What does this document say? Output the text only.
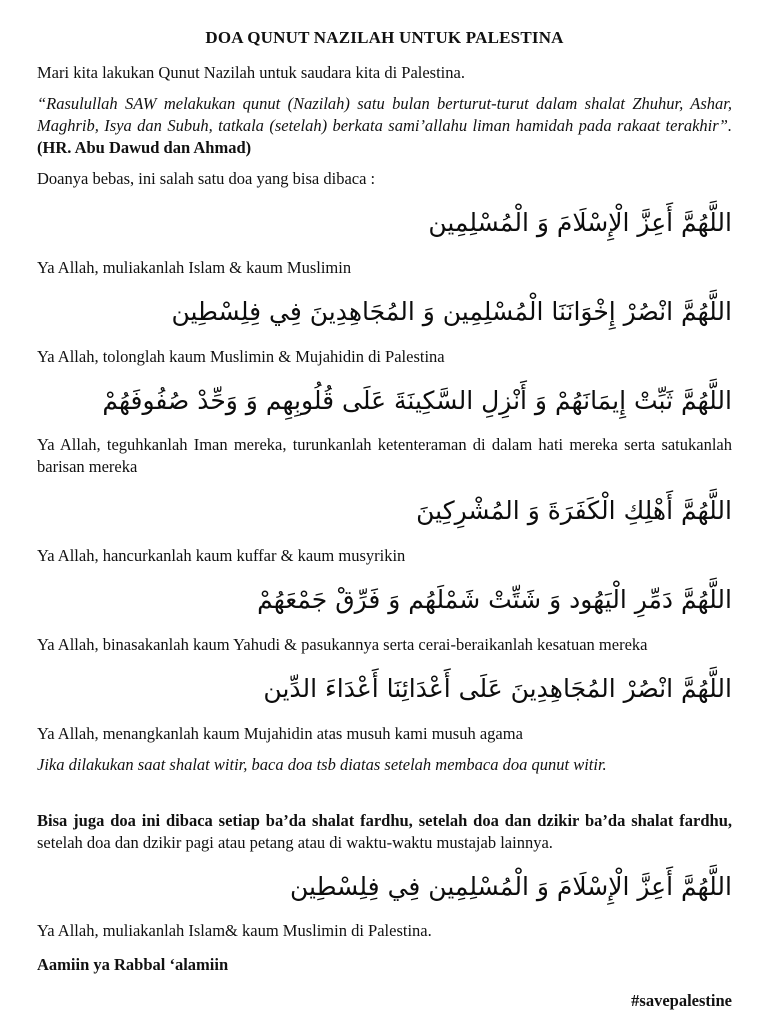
DOA QUNUT NAZILAH UNTUK PALESTINA

Mari kita lakukan Qunut Nazilah untuk saudara kita di Palestina.

“Rasulullah SAW melakukan qunut (Nazilah) satu bulan berturut-turut dalam shalat Zhuhur, Ashar, Maghrib, Isya dan Subuh, tatkala (setelah) berkata sami’allahu liman hamidah pada rakaat terakhir”. (HR. Abu Dawud dan Ahmad)

Doanya bebas, ini salah satu doa yang bisa dibaca :

اللَّهُمَّ أَعِزَّ الْإِسْلَامَ وَ الْمُسْلِمِين

Ya Allah, muliakanlah Islam & kaum Muslimin

اللَّهُمَّ انْصُرْ إِخْوَانَنَا الْمُسْلِمِين وَ المُجَاهِدِينَ فِي فِلِسْطِين

Ya Allah, tolonglah kaum Muslimin & Mujahidin di Palestina

اللَّهُمَّ ثَبِّتْ إِيمَانَهُمْ وَ أَنْزِلِ السَّكِينَةَ عَلَى قُلُوبِهِم وَ وَحِّدْ صُفُوفَهُمْ

Ya Allah, teguhkanlah Iman mereka, turunkanlah ketenteraman di dalam hati mereka serta satukanlah barisan mereka

اللَّهُمَّ أَهْلِكِ الْكَفَرَةَ وَ المُشْرِكِينَ

Ya Allah, hancurkanlah kaum kuffar & kaum musyrikin

اللَّهُمَّ دَمِّرِ الْيَهُود وَ شَتِّتْ شَمْلَهُم وَ فَرِّقْ جَمْعَهُمْ

Ya Allah, binasakanlah kaum Yahudi & pasukannya serta cerai-beraikanlah kesatuan mereka

اللَّهُمَّ انْصُرْ المُجَاهِدِينَ عَلَى أَعْدَائِنَا أَعْدَاءَ الدِّين

Ya Allah, menangkanlah kaum Mujahidin atas musuh kami musuh agama

Jika dilakukan saat shalat witir, baca doa tsb diatas setelah membaca doa qunut witir.

Bisa juga doa ini dibaca setiap ba’da shalat fardhu, setelah doa dan dzikir ba’da shalat fardhu, setelah doa dan dzikir pagi atau petang atau di waktu-waktu mustajab lainnya.

اللَّهُمَّ أَعِزَّ الْإِسْلَامَ وَ الْمُسْلِمِين فِي فِلِسْطِين

Ya Allah, muliakanlah Islam& kaum Muslimin di Palestina.

Aamiin ya Rabbal ‘alamiin

#savepalestine
